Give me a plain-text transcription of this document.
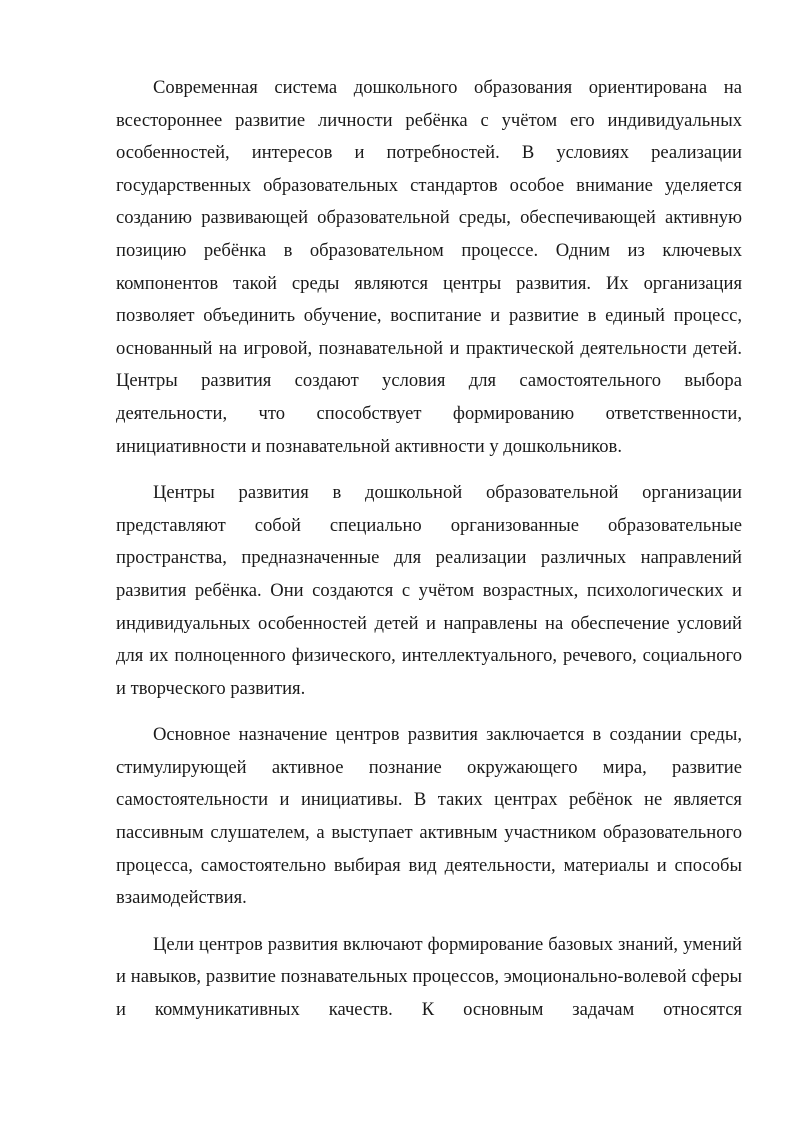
Современная система дошкольного образования ориентирована на всестороннее развитие личности ребёнка с учётом его индивидуальных особенностей, интересов и потребностей. В условиях реализации государственных образовательных стандартов особое внимание уделяется созданию развивающей образовательной среды, обеспечивающей активную позицию ребёнка в образовательном процессе. Одним из ключевых компонентов такой среды являются центры развития. Их организация позволяет объединить обучение, воспитание и развитие в единый процесс, основанный на игровой, познавательной и практической деятельности детей. Центры развития создают условия для самостоятельного выбора деятельности, что способствует формированию ответственности, инициативности и познавательной активности у дошкольников.

Центры развития в дошкольной образовательной организации представляют собой специально организованные образовательные пространства, предназначенные для реализации различных направлений развития ребёнка. Они создаются с учётом возрастных, психологических и индивидуальных особенностей детей и направлены на обеспечение условий для их полноценного физического, интеллектуального, речевого, социального и творческого развития.

Основное назначение центров развития заключается в создании среды, стимулирующей активное познание окружающего мира, развитие самостоятельности и инициативы. В таких центрах ребёнок не является пассивным слушателем, а выступает активным участником образовательного процесса, самостоятельно выбирая вид деятельности, материалы и способы взаимодействия.

Цели центров развития включают формирование базовых знаний, умений и навыков, развитие познавательных процессов, эмоционально-волевой сферы и коммуникативных качеств. К основным задачам относятся
